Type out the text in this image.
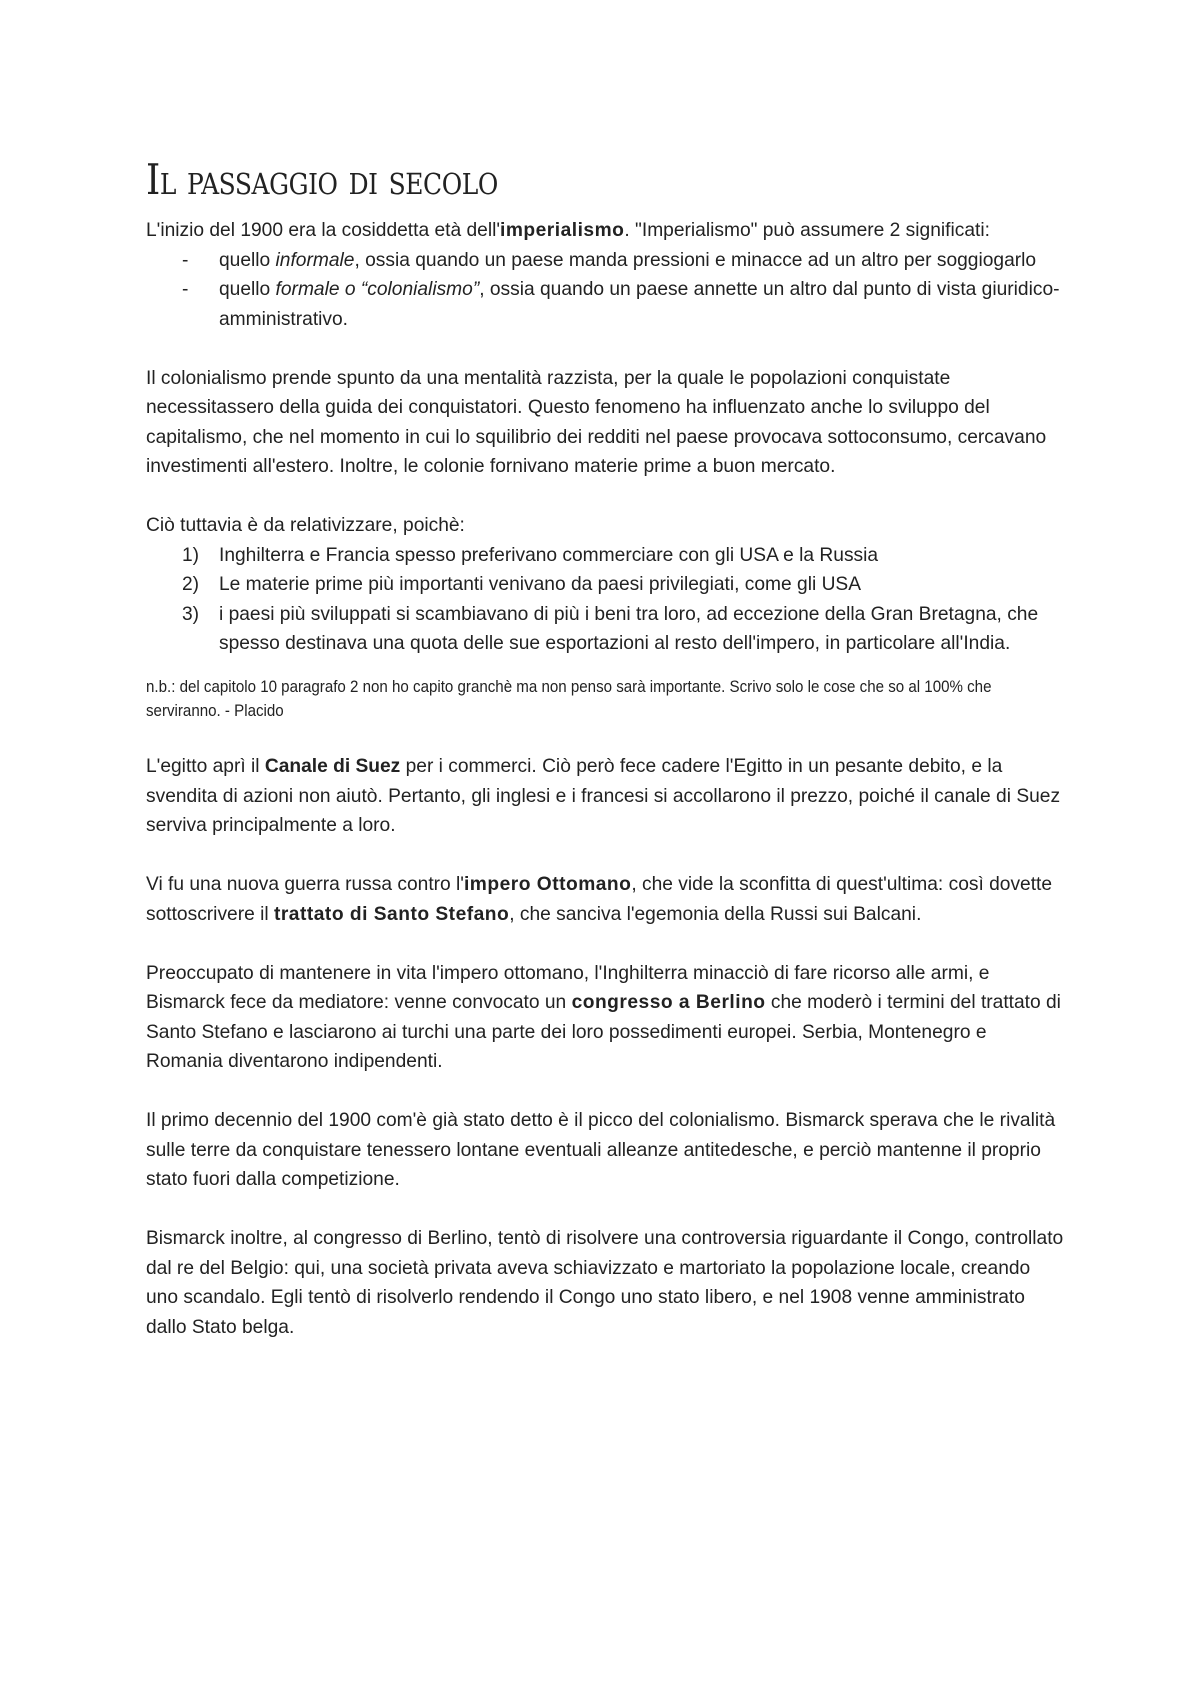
Il passaggio di secolo

L'inizio del 1900 era la cosiddetta età dell'imperialismo. "Imperialismo" può assumere 2 significati:

- quello informale, ossia quando un paese manda pressioni e minacce ad un altro per soggiogarlo
- quello formale o “colonialismo”, ossia quando un paese annette un altro dal punto di vista giuridico-amministrativo.

Il colonialismo prende spunto da una mentalità razzista, per la quale le popolazioni conquistate necessitassero della guida dei conquistatori. Questo fenomeno ha influenzato anche lo sviluppo del capitalismo, che nel momento in cui lo squilibrio dei redditi nel paese provocava sottoconsumo, cercavano investimenti all'estero. Inoltre, le colonie fornivano materie prime a buon mercato.

Ciò tuttavia è da relativizzare, poichè:

1) Inghilterra e Francia spesso preferivano commerciare con gli USA e la Russia
2) Le materie prime più importanti venivano da paesi privilegiati, come gli USA
3) i paesi più sviluppati si scambiavano di più i beni tra loro, ad eccezione della Gran Bretagna, che spesso destinava una quota delle sue esportazioni al resto dell'impero, in particolare all'India.

n.b.: del capitolo 10 paragrafo 2 non ho capito granchè ma non penso sarà importante. Scrivo solo le cose che so al 100% che serviranno. - Placido

L'egitto aprì il Canale di Suez per i commerci. Ciò però fece cadere l'Egitto in un pesante debito, e la svendita di azioni non aiutò. Pertanto, gli inglesi e i francesi si accollarono il prezzo, poiché il canale di Suez serviva principalmente a loro.

Vi fu una nuova guerra russa contro l'impero Ottomano, che vide la sconfitta di quest'ultima: così dovette sottoscrivere il trattato di Santo Stefano, che sanciva l'egemonia della Russi sui Balcani.

Preoccupato di mantenere in vita l'impero ottomano, l'Inghilterra minacciò di fare ricorso alle armi, e Bismarck fece da mediatore: venne convocato un congresso a Berlino che moderò i termini del trattato di Santo Stefano e lasciarono ai turchi una parte dei loro possedimenti europei. Serbia, Montenegro e Romania diventarono indipendenti.

Il primo decennio del 1900 com'è già stato detto è il picco del colonialismo. Bismarck sperava che le rivalità sulle terre da conquistare tenessero lontane eventuali alleanze antitedesche, e perciò mantenne il proprio stato fuori dalla competizione.

Bismarck inoltre, al congresso di Berlino, tentò di risolvere una controversia riguardante il Congo, controllato dal re del Belgio: qui, una società privata aveva schiavizzato e martoriato la popolazione locale, creando uno scandalo. Egli tentò di risolverlo rendendo il Congo uno stato libero, e nel 1908 venne amministrato dallo Stato belga.
